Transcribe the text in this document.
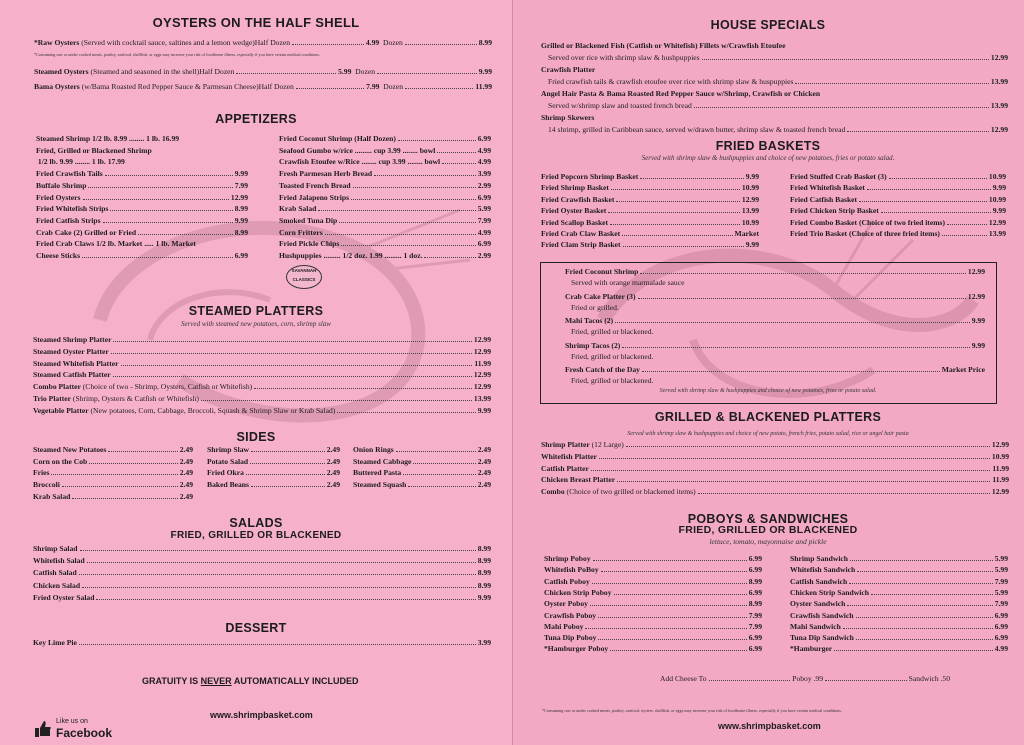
OYSTERS ON THE HALF SHELL
*Raw Oysters
(Served with cocktail sauce, saltines and a lemon wedge) Half Dozen	4.99
Dozen	8.99
*Consuming raw or under cooked meats, poultry, seafood, shellfish, or eggs may increase your risk of foodborne illness, especially if you have certain medical conditions.
Steamed Oysters
(Steamed and seasoned in the shell) Half Dozen	5.99
Dozen	9.99
Bama Oysters
(w/Bama Roasted Red Pepper Sauce & Parmesan Cheese) Half Dozen	7.99
Dozen	11.99
APPETIZERS
Steamed Shrimp 1/2 lb. 8.99 ........ 1 lb. 16.99
Fried, Grilled or Blackened Shrimp
1/2 lb. 9.99 ........ 1 lb. 17.99
Fried Crawfish Tails	9.99
Buffalo Shrimp	7.99
Fried Oysters	12.99
Fried Whitefish Strips	8.99
Fried Catfish Strips	9.99
Crab Cake (2) Grilled or Fried	8.99
Fried Crab Claws 1/2 lb. Market ..... 1 lb. Market
Cheese Sticks	6.99
Fried Coconut Shrimp (Half Dozen)	6.99
Seafood Gumbo w/rice ......... cup 3.99 ........ bowl	4.99
Crawfish Etoufee w/Rice ........ cup 3.99 ........ bowl	4.99
Fresh Parmesan Herb Bread	3.99
Toasted French Bread	2.99
Fried Jalapeno Strips	6.99
Krab Salad	5.99
Smoked Tuna Dip	7.99
Corn Fritters	4.99
Fried Pickle Chips	6.99
Hushpuppies ......... 1/2 doz. 1.99 ......... 1 doz.	2.99
SAVANNAH CLASSICS
STEAMED PLATTERS
Served with steamed new potatoes, corn, shrimp slaw
Steamed Shrimp Platter	12.99
Steamed Oyster Platter	12.99
Steamed Whitefish Platter	11.99
Steamed Catfish Platter	12.99
Combo Platter (Choice of two - Shrimp, Oysters, Catfish or Whitefish)	12.99
Trio Platter (Shrimp, Oysters & Catfish or Whitefish)	13.99
Vegetable Platter (New potatoes, Corn, Cabbage, Broccoli, Squash & Shrimp Slaw or Krab Salad)	9.99
SIDES
Steamed New Potatoes	2.49
Corn on the Cob	2.49
Fries	2.49
Broccoli	2.49
Krab Salad	2.49
Shrimp Slaw	2.49
Potato Salad	2.49
Fried Okra	2.49
Baked Beans	2.49
Onion Rings	2.49
Steamed Cabbage	2.49
Buttered Pasta	2.49
Steamed Squash	2.49
SALADS
FRIED, GRILLED OR BLACKENED
Shrimp Salad	8.99
Whitefish Salad	8.99
Catfish Salad	8.99
Chicken Salad	8.99
Fried Oyster Salad	9.99
DESSERT
Key Lime Pie	3.99
GRATUITY IS NEVER AUTOMATICALLY INCLUDED
www.shrimpbasket.com
Like us on
Facebook
HOUSE SPECIALS
Grilled or Blackened Fish (Catfish or Whitefish) Fillets w/Crawfish Etoufee
Served over rice with shrimp slaw & hushpuppies	12.99
Crawfish Platter
Fried crawfish tails & crawfish etoufee over rice with shrimp slaw & huspuppies	13.99
Angel Hair Pasta & Bama Roasted Red Pepper Sauce w/Shrimp, Crawfish or Chicken
Served w/shrimp slaw and toasted french bread	13.99
Shrimp Skewers
14 shrimp, grilled in Caribbean sauce, served w/drawn butter, shrimp slaw & toasted french bread	12.99
FRIED BASKETS
Served with shrimp slaw & hushpuppies and choice of new potatoes, fries or potato salad.
Fried Popcorn Shrimp Basket	9.99
Fried Shrimp Basket	10.99
Fried Crawfish Basket	12.99
Fried Oyster Basket	13.99
Fried Scallop Basket	10.99
Fried Crab Claw Basket	Market
Fried Clam Strip Basket	9.99
Fried Stuffed Crab Basket (3)	10.99
Fried Whitefish Basket	9.99
Fried Catfish Basket	10.99
Fried Chicken Strip Basket	9.99
Fried Combo Basket (Choice of two fried items)	12.99
Fried Trio Basket (Choice of three fried items)	13.99
Fried Coconut Shrimp	12.99
Served with orange marmalade sauce
Crab Cake Platter (3)	12.99
Fried or grilled.
Mahi Tacos (2)	9.99
Fried, grilled or blackened.
Shrimp Tacos (2)	9.99
Fried, grilled or blackened.
Fresh Catch of the Day	Market Price
Fried, grilled or blackened.
Served with shrimp slaw & hushpuppies and choice of new potatoes, fries or potato salad.
GRILLED & BLACKENED PLATTERS
Served with shrimp slaw & hushpuppies and choice of new potato, french fries, potato salad, rice or angel hair pasta
Shrimp Platter (12 Large)	12.99
Whitefish Platter	10.99
Catfish Platter	11.99
Chicken Breast Platter	11.99
Combo (Choice of two grilled or blackened items)	12.99
POBOYS & SANDWICHES
FRIED, GRILLED OR BLACKENED
lettuce, tomato, mayonnaise and pickle
Shrimp Poboy	6.99
Whitefish PoBoy	6.99
Catfish Poboy	8.99
Chicken Strip Poboy	6.99
Oyster Poboy	8.99
Crawfish Poboy	7.99
Mahi Poboy	7.99
Tuna Dip Poboy	6.99
*Hamburger Poboy	6.99
Shrimp Sandwich	5.99
Whitefish Sandwich	5.99
Catfish Sandwich	7.99
Chicken Strip Sandwich	5.99
Oyster Sandwich	7.99
Crawfish Sandwich	6.99
Mahi Sandwich	6.99
Tuna Dip Sandwich	6.99
*Hamburger	4.99
Add Cheese To	Poboy .99	Sandwich .50
*Consuming raw or under cooked meats, poultry, seafood, oysters, shellfish, or eggs may increase your risk of foodborne illness, especially if you have certain medical conditions.
www.shrimpbasket.com
